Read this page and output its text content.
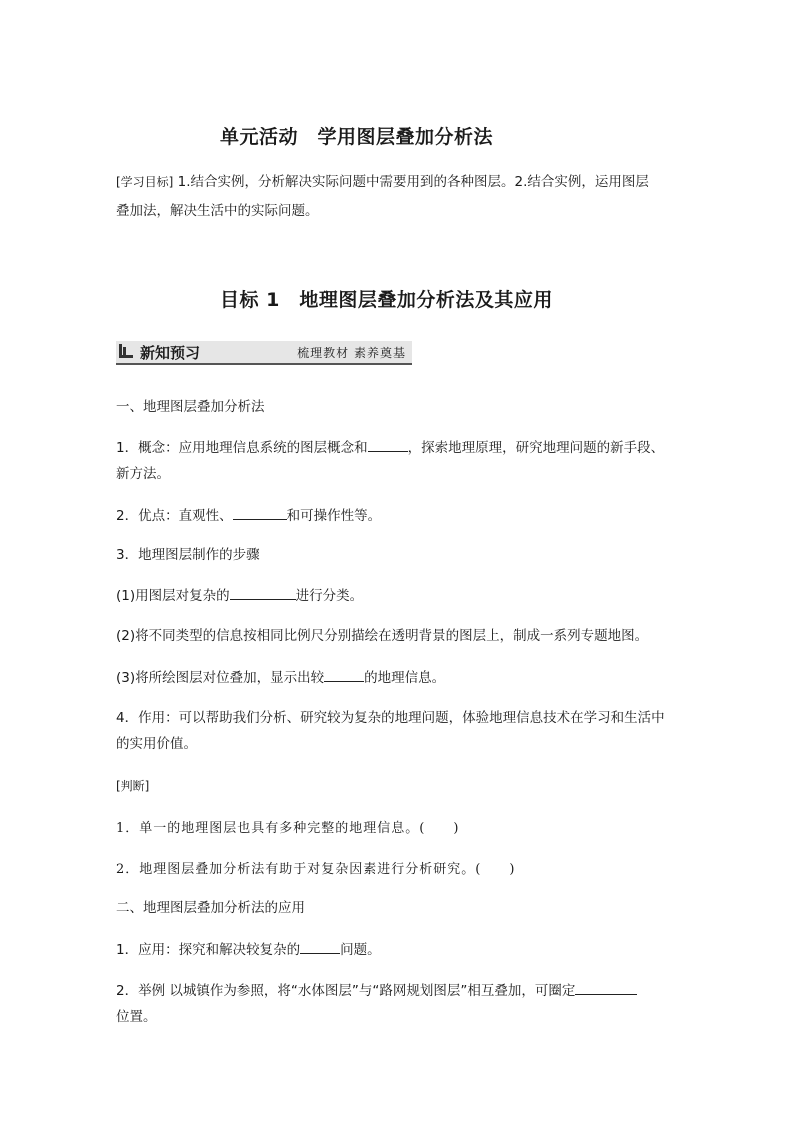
单元活动　学用图层叠加分析法
[学习目标] 1.结合实例，分析解决实际问题中需要用到的各种图层。2.结合实例，运用图层
叠加法，解决生活中的实际问题。
目标 1　地理图层叠加分析法及其应用
新知预习	梳理教材 素养奠基
一、地理图层叠加分析法
1．概念：应用地理信息系统的图层概念和	，探索地理原理，研究地理问题的新手段、
新方法。
2．优点：直观性、	和可操作性等。
3．地理图层制作的步骤
(1)用图层对复杂的	进行分类。
(2)将不同类型的信息按相同比例尺分别描绘在透明背景的图层上，制成一系列专题地图。
(3)将所绘图层对位叠加，显示出较	的地理信息。
4．作用：可以帮助我们分析、研究较为复杂的地理问题，体验地理信息技术在学习和生活中
的实用价值。
[判断]
1．单一的地理图层也具有多种完整的地理信息。(　　)
2．地理图层叠加分析法有助于对复杂因素进行分析研究。(　　)
二、地理图层叠加分析法的应用
1．应用：探究和解决较复杂的	问题。
2．举例 以城镇作为参照，将“水体图层”与“路网规划图层”相互叠加，可圈定
位置。
